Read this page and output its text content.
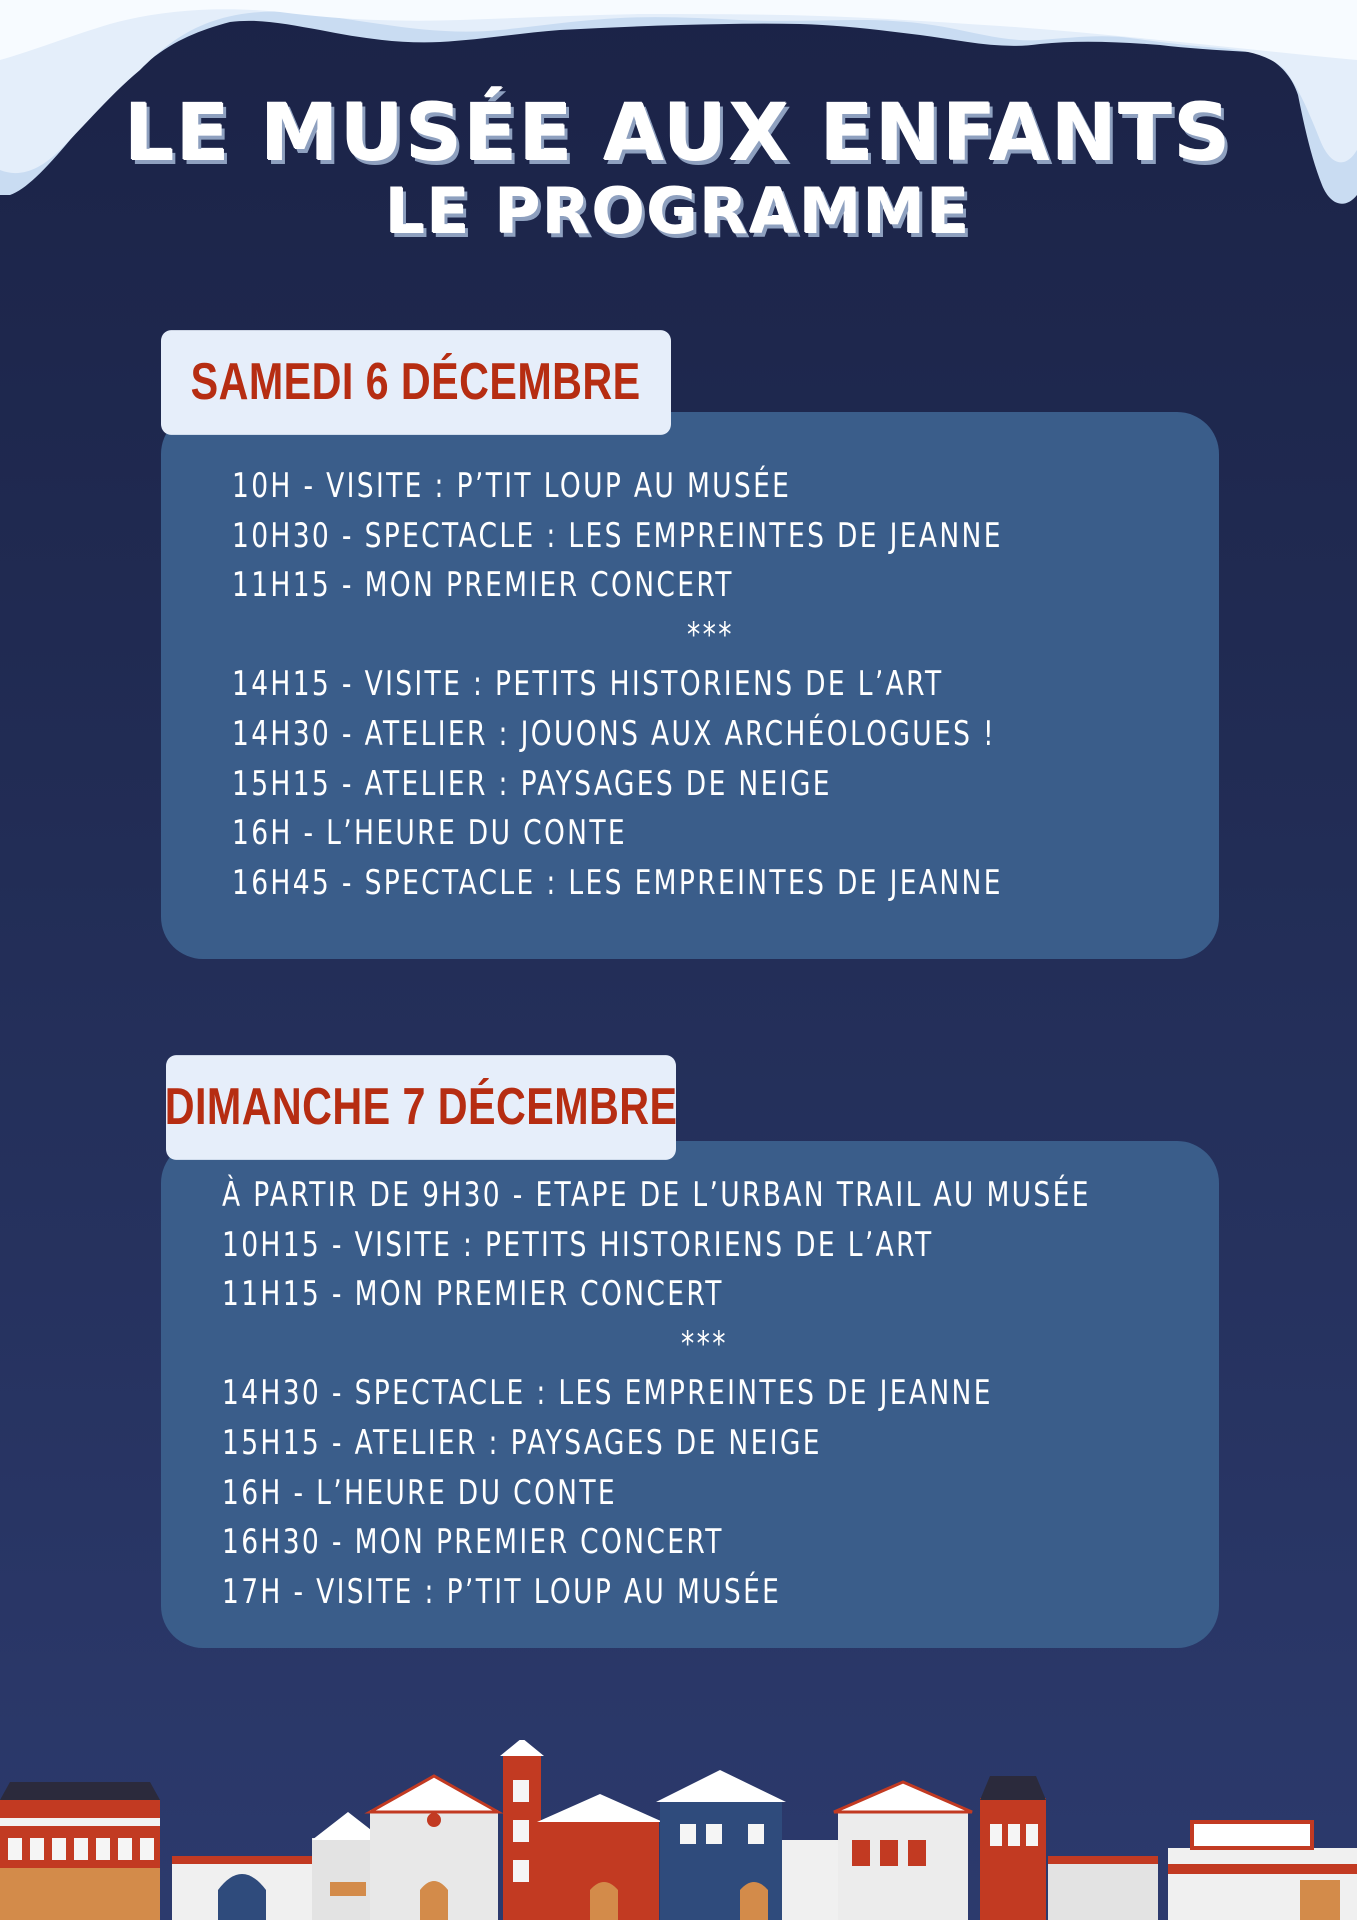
LE MUSÉE AUX ENFANTS
LE PROGRAMME
SAMEDI 6 DÉCEMBRE
10H - VISITE : P’TIT LOUP AU MUSÉE
10H30 - SPECTACLE : LES EMPREINTES DE JEANNE
11H15 - MON PREMIER CONCERT
***
14H15 - VISITE : PETITS HISTORIENS DE L’ART
14H30 - ATELIER : JOUONS AUX ARCHÉOLOGUES !
15H15 - ATELIER : PAYSAGES DE NEIGE
16H - L’HEURE DU CONTE
16H45 - SPECTACLE : LES EMPREINTES DE JEANNE
DIMANCHE 7 DÉCEMBRE
À PARTIR DE 9H30 - ETAPE DE L’URBAN TRAIL AU MUSÉE
10H15 - VISITE : PETITS HISTORIENS DE L’ART
11H15 - MON PREMIER CONCERT
***
14H30 - SPECTACLE : LES EMPREINTES DE JEANNE
15H15 - ATELIER : PAYSAGES DE NEIGE
16H - L’HEURE DU CONTE
16H30 - MON PREMIER CONCERT
17H - VISITE : P’TIT LOUP AU MUSÉE
